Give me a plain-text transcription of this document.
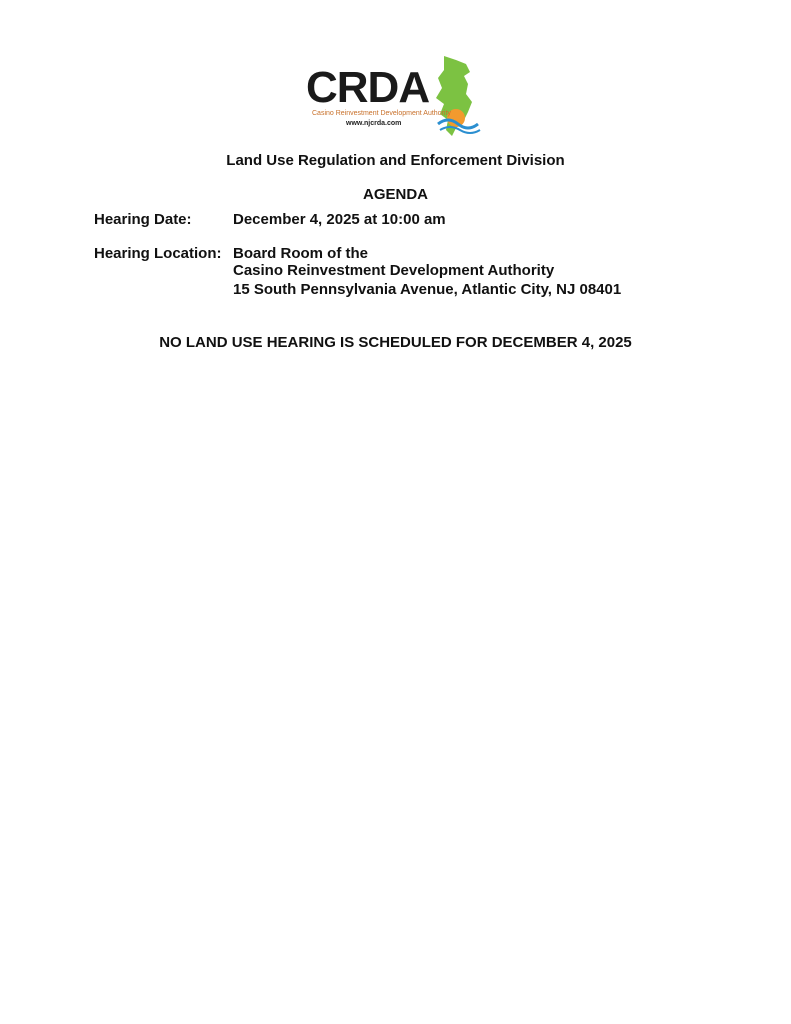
CRDA
Casino Reinvestment Development Authority
www.njcrda.com
Land Use Regulation and Enforcement Division
AGENDA
Hearing Date:	December 4, 2025 at 10:00 am
Hearing Location: Board Room of the
Casino Reinvestment Development Authority
15 South Pennsylvania Avenue, Atlantic City, NJ 08401
NO LAND USE HEARING IS SCHEDULED FOR DECEMBER 4, 2025
